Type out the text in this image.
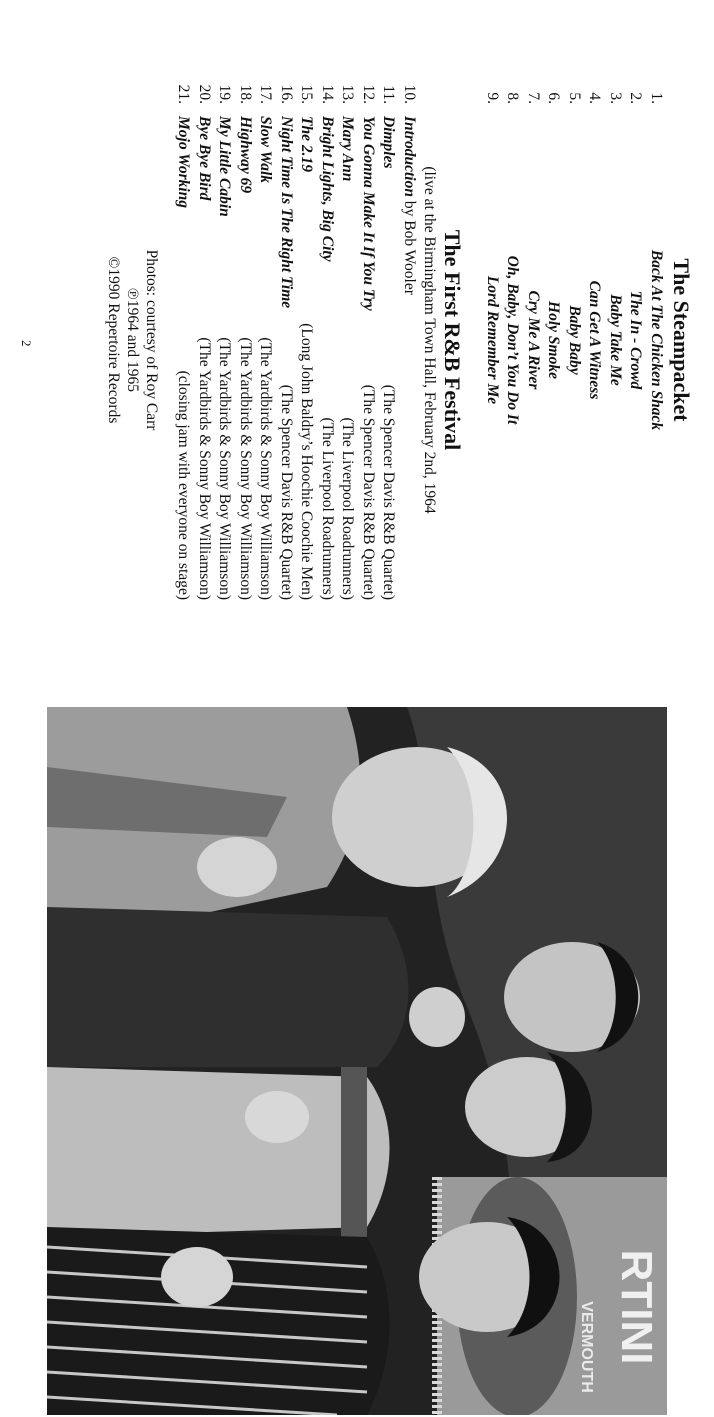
The Steampacket
1.
Back At The Chicken Shack
2.
The In - Crowd
3.
Baby Take Me
4.
Can Get A Witness
5.
Baby Baby
6.
Holy Smoke
7.
Cry Me A River
8.
Oh, Baby, Don’t You Do It
9.
Lord Remember Me
The First R&B Festival
(live at the Birmingham Town Hall, February 2nd, 1964
10.
Introduction by Bob Wooler
11.
Dimples
(The Spencer Davis R&B Quartet)
12.
You Gonna Make It If You Try
(The Spencer Davis R&B Quartet)
13.
Mary Ann
(The Liverpool Roadrunners)
14.
Bright Lights, Big City
(The Liverpool Roadrunners)
15.
The 2.19
(Long John Baldry’s Hoochie Coochie Men)
16.
Night Time Is The Right Time
(The Spencer Davis R&B Quartet)
17.
Slow Walk
(The Yardbirds & Sonny Boy Williamson)
18.
Highway 69
(The Yardbirds & Sonny Boy Williamson)
19.
My Little Cabin
(The Yardbirds & Sonny Boy Williamson)
20.
Bye Bye Bird
(The Yardbirds & Sonny Boy Williamson)
21.
Mojo Working
(closing jam with everyone on stage)
Photos: courtesy of Roy Carr
℗1964 and 1965
©1990 Repertoire Records
2
RTINI
VERMOUTH
